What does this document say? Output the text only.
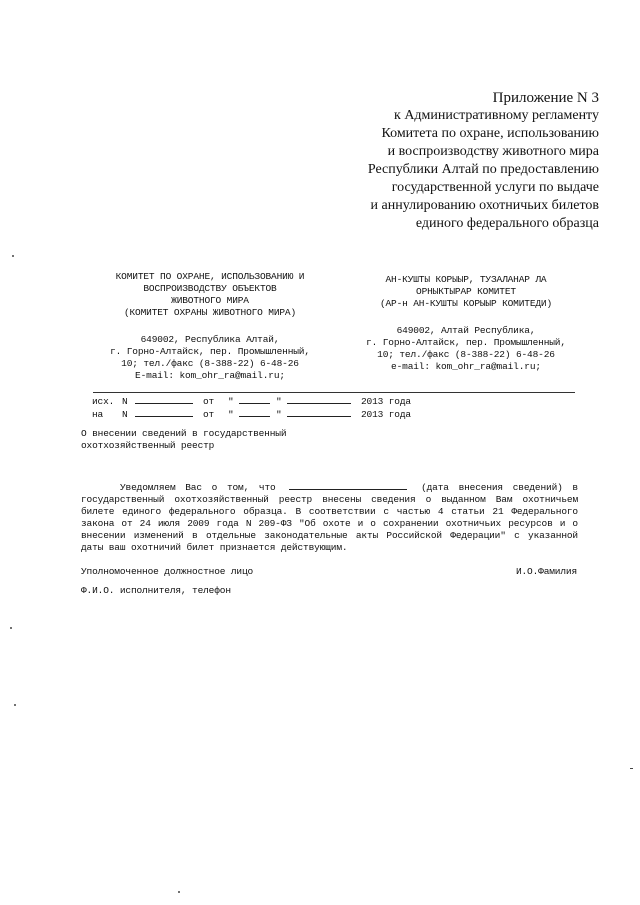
Приложение N 3
к Административному регламенту
Комитета по охране, использованию
и воспроизводству животного мира
Республики Алтай по предоставлению
государственной услуги по выдаче
и аннулированию охотничьих билетов
единого федерального образца
КОМИТЕТ ПО ОХРАНЕ, ИСПОЛЬЗОВАНИЮ И
ВОСПРОИЗВОДСТВУ ОБЪЕКТОВ
ЖИВОТНОГО МИРА
(КОМИТЕТ ОХРАНЫ ЖИВОТНОГО МИРА)
649002, Республика Алтай,
г. Горно-Алтайск, пер. Промышленный,
10; тел./факс (8-388-22) 6-48-26
E-mail: kom_ohr_ra@mail.ru;
АН-КУШТЫ КОРЫЫР, ТУЗАЛАНАР ЛА
ОРНЫКТЫРАР КОМИТЕТ
(АР-н АН-КУШТЫ КОРЫЫР КОМИТЕДИ)
649002, Алтай Республика,
г. Горно-Алтайск, пер. Промышленный,
10; тел./факс (8-388-22) 6-48-26
e-mail: kom_ohr_ra@mail.ru;
исх. N	от	"	"	2013 года
на	N	от	"	"	2013 года
О внесении сведений в государственный
охотхозяйственный реестр

Уведомляем Вас о том, что	(дата внесения сведений) в государственный охотхозяйственный реестр внесены сведения о выданном Вам охотничьем билете единого федерального образца. В соответствии с частью 4 статьи 21 Федерального закона от 24 июля 2009 года N 209-ФЗ "Об охоте и о сохранении охотничьих ресурсов и о внесении изменений в отдельные законодательные акты Российской Федерации" с указанной даты ваш охотничий билет признается действующим.

Уполномоченное должностное лицо	И.О.Фамилия
Ф.И.О. исполнителя, телефон
